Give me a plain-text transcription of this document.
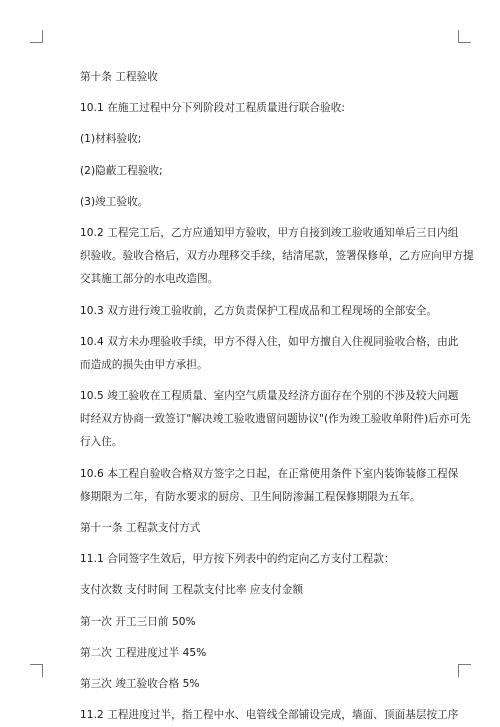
第十条 工程验收
10.1 在施工过程中分下列阶段对工程质量进行联合验收:
(1)材料验收;
(2)隐蔽工程验收;
(3)竣工验收。
10.2 工程完工后，乙方应通知甲方验收，甲方自接到竣工验收通知单后三日内组
织验收。验收合格后，双方办理移交手续，结清尾款，签署保修单，乙方应向甲方提
交其施工部分的水电改造图。
10.3 双方进行竣工验收前，乙方负责保护工程成品和工程现场的全部安全。
10.4 双方未办理验收手续，甲方不得入住，如甲方擅自入住视同验收合格，由此
而造成的损失由甲方承担。
10.5 竣工验收在工程质量、室内空气质量及经济方面存在个别的不涉及较大问题
时经双方协商一致签订"解决竣工验收遗留问题协议"(作为竣工验收单附件)后亦可先
行入住。
10.6 本工程自验收合格双方签字之日起，在正常使用条件下室内装饰装修工程保
修期限为二年，有防水要求的厨房、卫生间防渗漏工程保修期限为五年。
第十一条 工程款支付方式
11.1 合同签字生效后，甲方按下列表中的约定向乙方支付工程款：
支付次数 支付时间 工程款支付比率 应支付金额
第一次 开工三日前 50%
第二次 工程进度过半 45%
第三次 竣工验收合格 5%
11.2 工程进度过半，指工程中水、电管线全部铺设完成，墙面、顶面基层按工序
